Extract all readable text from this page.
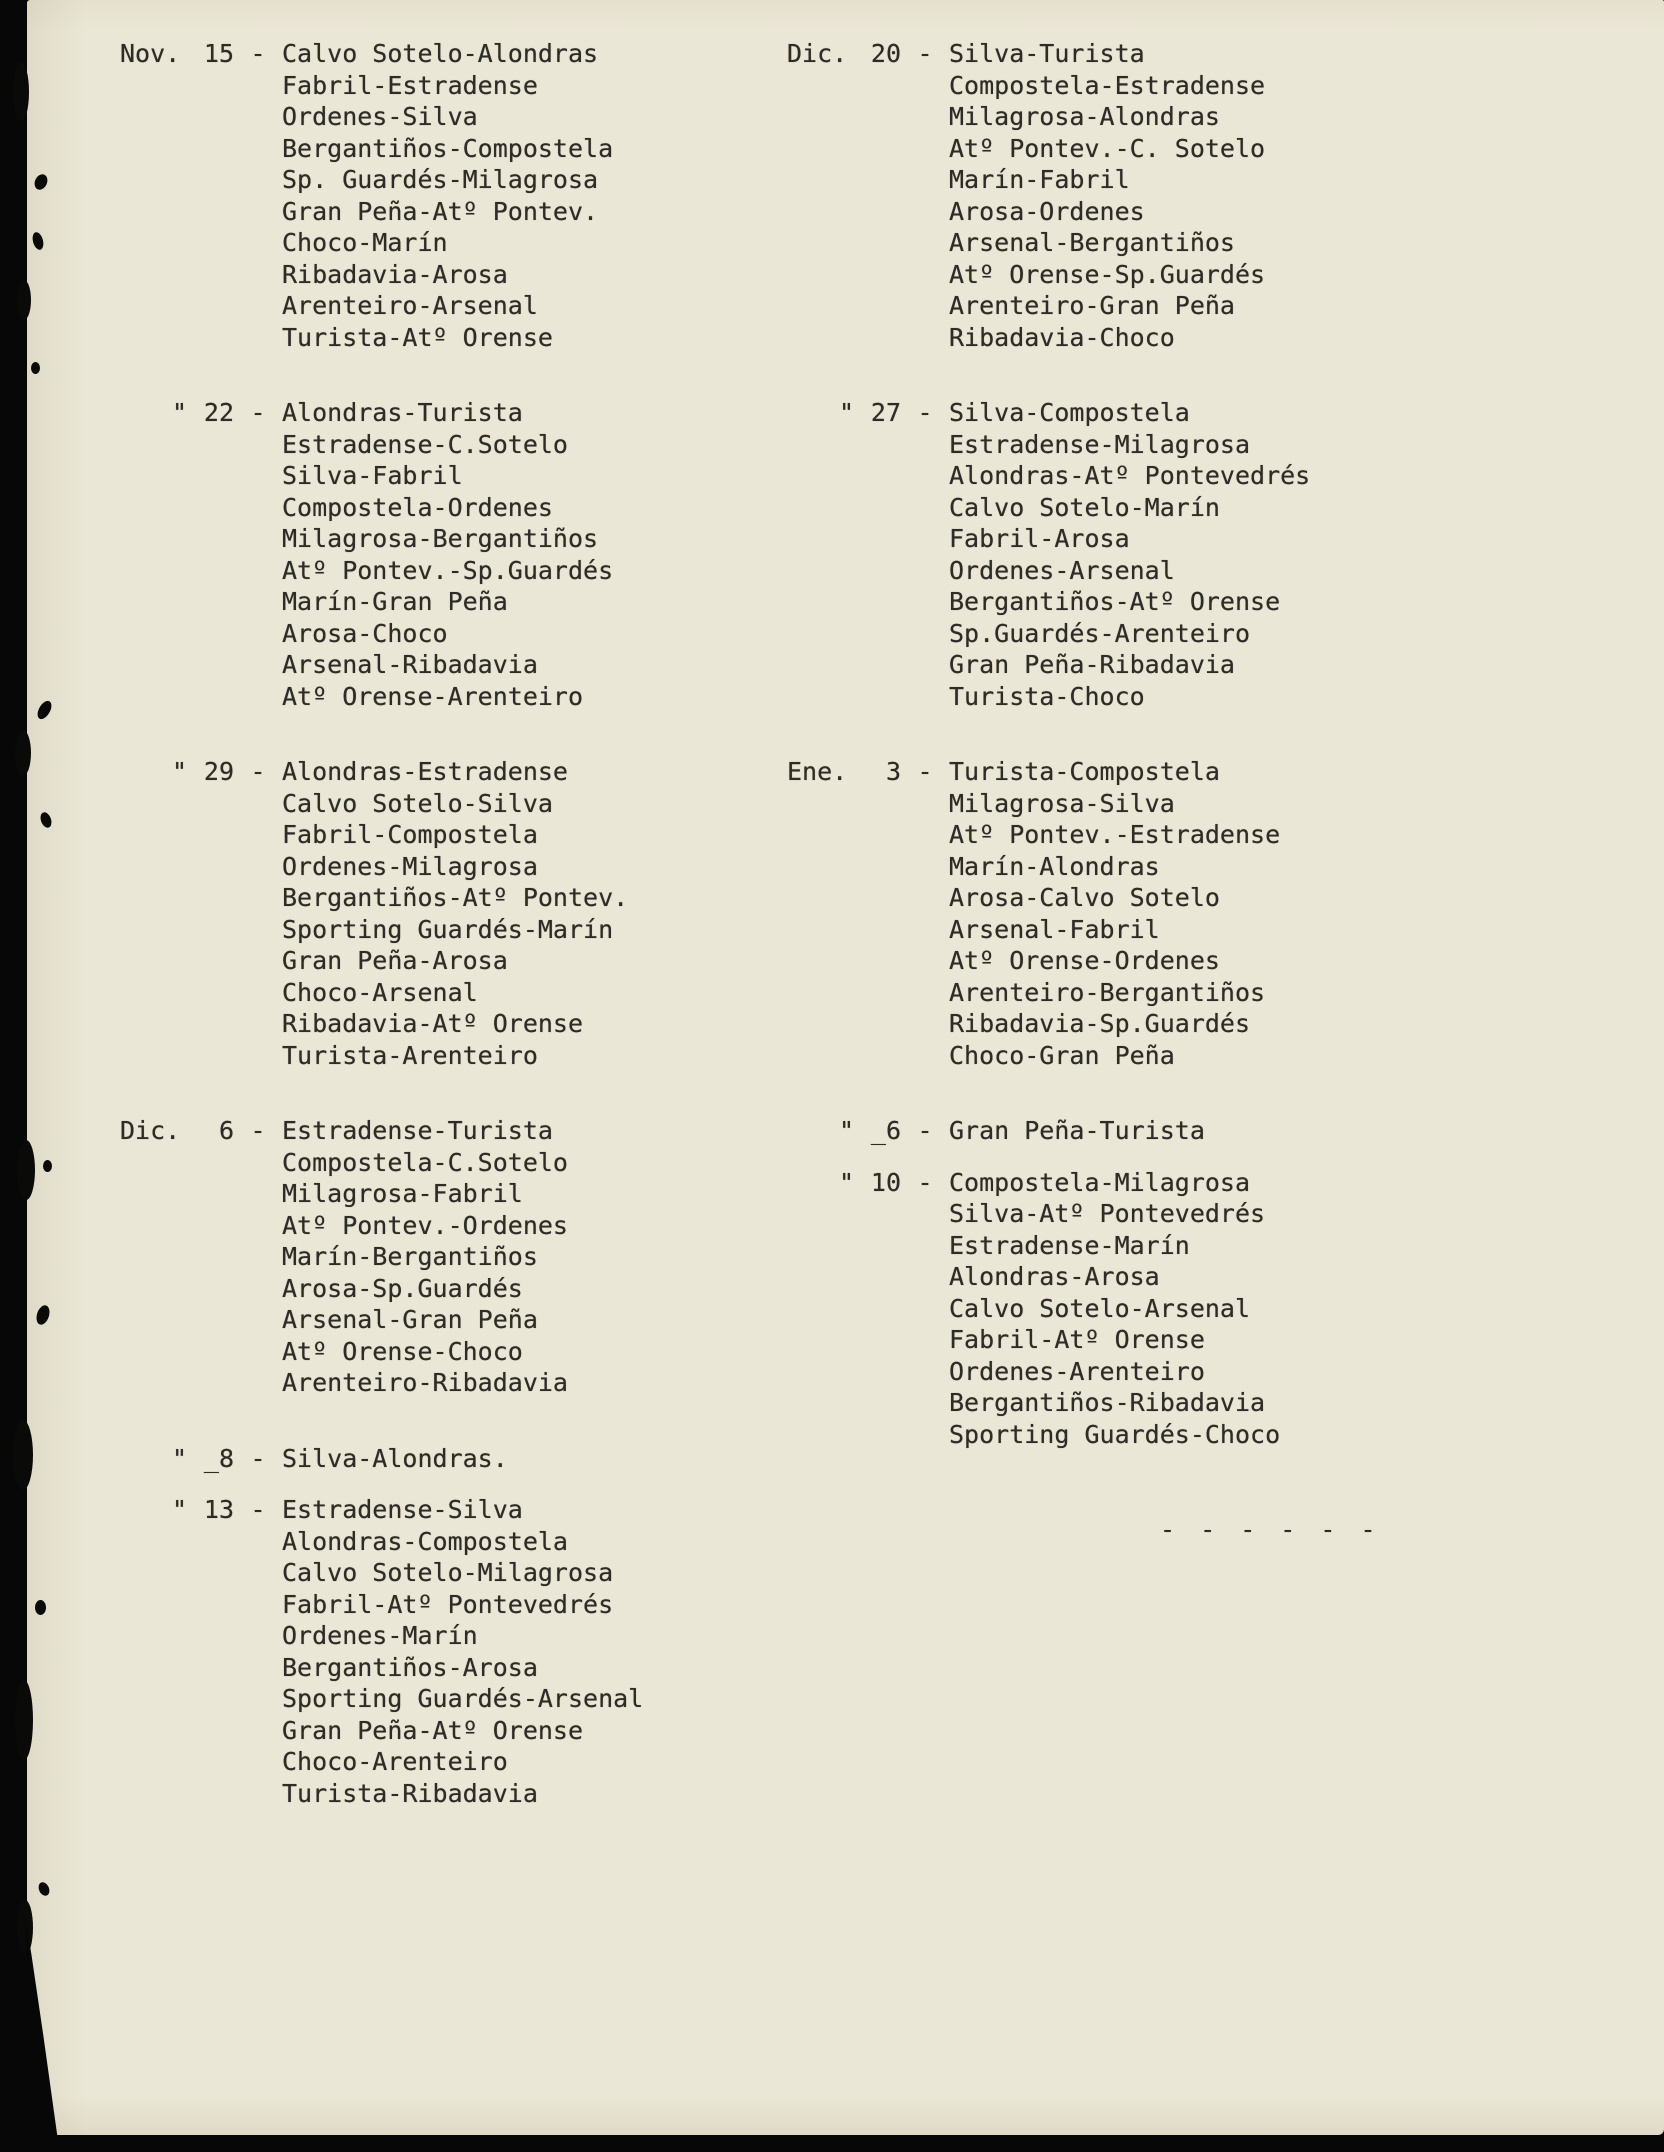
Nov. 15 - Calvo Sotelo-Alondras
Fabril-Estradense
Ordenes-Silva
Bergantiños-Compostela
Sp. Guardés-Milagrosa
Gran Peña-Atº Pontev.
Choco-Marín
Ribadavia-Arosa
Arenteiro-Arsenal
Turista-Atº Orense
" 22 - Alondras-Turista
Estradense-C.Sotelo
Silva-Fabril
Compostela-Ordenes
Milagrosa-Bergantiños
Atº Pontev.-Sp.Guardés
Marín-Gran Peña
Arosa-Choco
Arsenal-Ribadavia
Atº Orense-Arenteiro
" 29 - Alondras-Estradense
Calvo Sotelo-Silva
Fabril-Compostela
Ordenes-Milagrosa
Bergantiños-Atº Pontev.
Sporting Guardés-Marín
Gran Peña-Arosa
Choco-Arsenal
Ribadavia-Atº Orense
Turista-Arenteiro
Dic.	6 - Estradense-Turista
Compostela-C.Sotelo
Milagrosa-Fabril
Atº Pontev.-Ordenes
Marín-Bergantiños
Arosa-Sp.Guardés
Arsenal-Gran Peña
Atº Orense-Choco
Arenteiro-Ribadavia
" _8 - Silva-Alondras.
" 13 - Estradense-Silva
Alondras-Compostela
Calvo Sotelo-Milagrosa
Fabril-Atº Pontevedrés
Ordenes-Marín
Bergantiños-Arosa
Sporting Guardés-Arsenal
Gran Peña-Atº Orense
Choco-Arenteiro
Turista-Ribadavia
Dic. 20 - Silva-Turista
Compostela-Estradense
Milagrosa-Alondras
Atº Pontev.-C. Sotelo
Marín-Fabril
Arosa-Ordenes
Arsenal-Bergantiños
Atº Orense-Sp.Guardés
Arenteiro-Gran Peña
Ribadavia-Choco
" 27 - Silva-Compostela
Estradense-Milagrosa
Alondras-Atº Pontevedrés
Calvo Sotelo-Marín
Fabril-Arosa
Ordenes-Arsenal
Bergantiños-Atº Orense
Sp.Guardés-Arenteiro
Gran Peña-Ribadavia
Turista-Choco
Ene.	3 - Turista-Compostela
Milagrosa-Silva
Atº Pontev.-Estradense
Marín-Alondras
Arosa-Calvo Sotelo
Arsenal-Fabril
Atº Orense-Ordenes
Arenteiro-Bergantiños
Ribadavia-Sp.Guardés
Choco-Gran Peña
" _6 - Gran Peña-Turista
" 10 - Compostela-Milagrosa
Silva-Atº Pontevedrés
Estradense-Marín
Alondras-Arosa
Calvo Sotelo-Arsenal
Fabril-Atº Orense
Ordenes-Arenteiro
Bergantiños-Ribadavia
Sporting Guardés-Choco
- - - - - -
